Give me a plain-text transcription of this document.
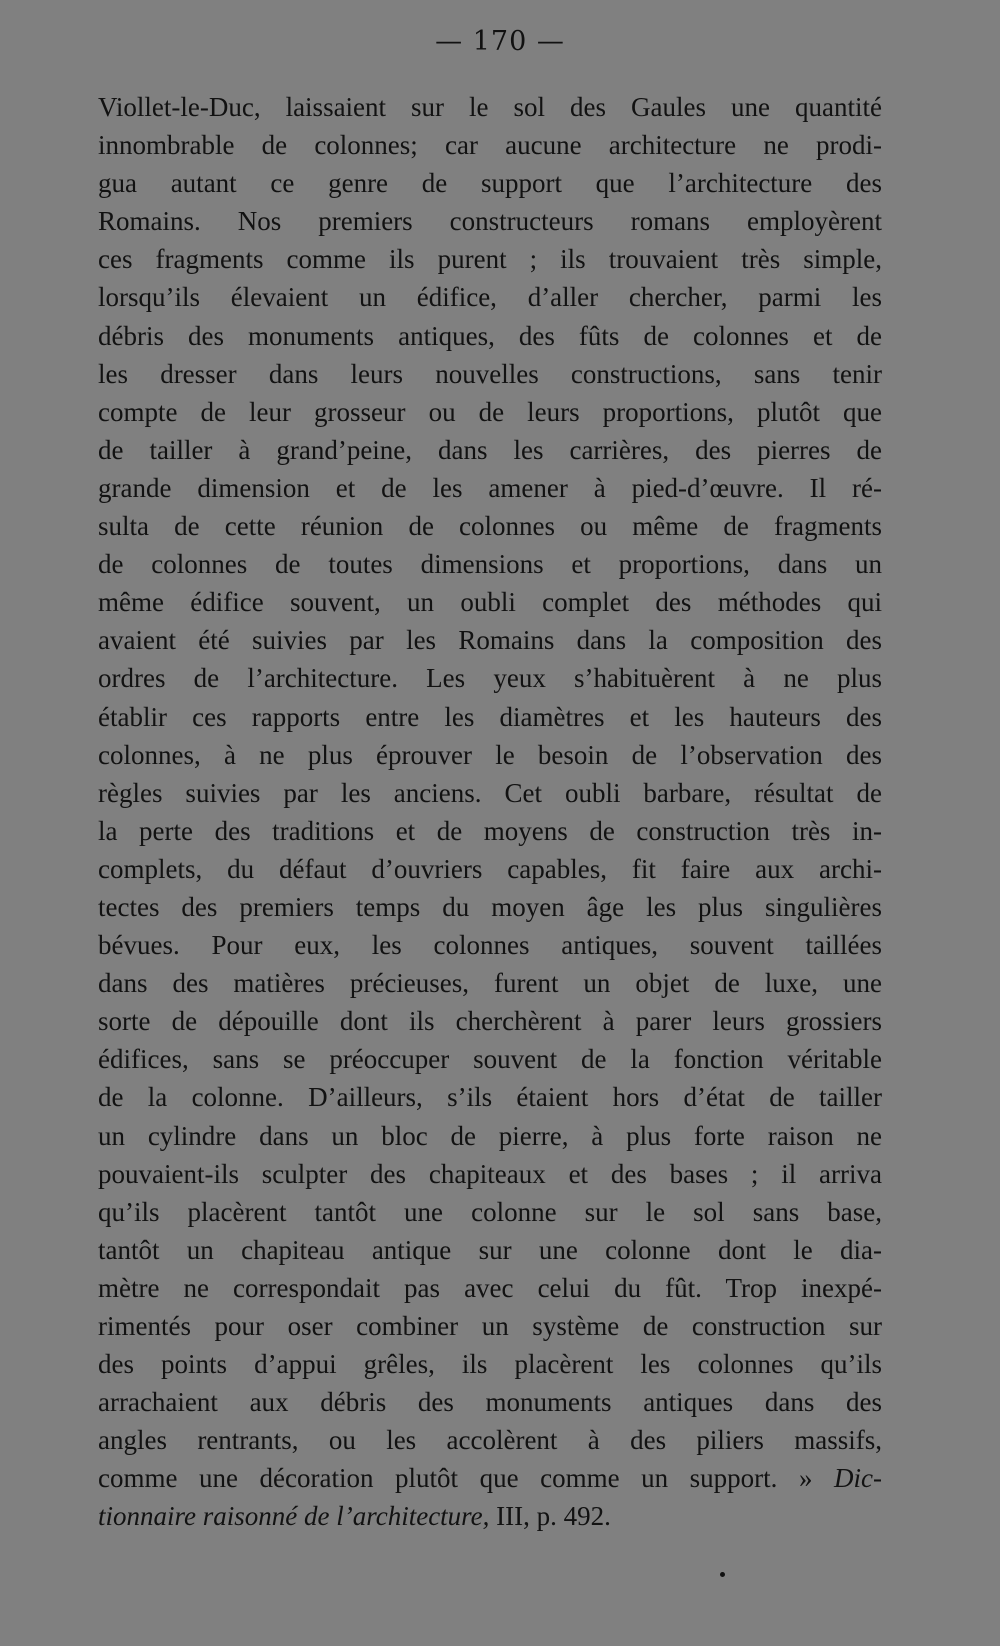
— 170 —
Viollet-le-Duc, laissaient sur le sol des Gaules une quantité
innombrable de colonnes; car aucune architecture ne prodi-
gua autant ce genre de support que l’architecture des
Romains. Nos premiers constructeurs romans employèrent
ces fragments comme ils purent ; ils trouvaient très simple,
lorsqu’ils élevaient un édifice, d’aller chercher, parmi les
débris des monuments antiques, des fûts de colonnes et de
les dresser dans leurs nouvelles constructions, sans tenir
compte de leur grosseur ou de leurs proportions, plutôt que
de tailler à grand’peine, dans les carrières, des pierres de
grande dimension et de les amener à pied-d’œuvre. Il ré-
sulta de cette réunion de colonnes ou même de fragments
de colonnes de toutes dimensions et proportions, dans un
même édifice souvent, un oubli complet des méthodes qui
avaient été suivies par les Romains dans la composition des
ordres de l’architecture. Les yeux s’habituèrent à ne plus
établir ces rapports entre les diamètres et les hauteurs des
colonnes, à ne plus éprouver le besoin de l’observation des
règles suivies par les anciens. Cet oubli barbare, résultat de
la perte des traditions et de moyens de construction très in-
complets, du défaut d’ouvriers capables, fit faire aux archi-
tectes des premiers temps du moyen âge les plus singulières
bévues. Pour eux, les colonnes antiques, souvent taillées
dans des matières précieuses, furent un objet de luxe, une
sorte de dépouille dont ils cherchèrent à parer leurs grossiers
édifices, sans se préoccuper souvent de la fonction véritable
de la colonne. D’ailleurs, s’ils étaient hors d’état de tailler
un cylindre dans un bloc de pierre, à plus forte raison ne
pouvaient-ils sculpter des chapiteaux et des bases ; il arriva
qu’ils placèrent tantôt une colonne sur le sol sans base,
tantôt un chapiteau antique sur une colonne dont le dia-
mètre ne correspondait pas avec celui du fût. Trop inexpé-
rimentés pour oser combiner un système de construction sur
des points d’appui grêles, ils placèrent les colonnes qu’ils
arrachaient aux débris des monuments antiques dans des
angles rentrants, ou les accolèrent à des piliers massifs,
comme une décoration plutôt que comme un support. » Dic-
tionnaire raisonné de l’architecture, III, p. 492.
